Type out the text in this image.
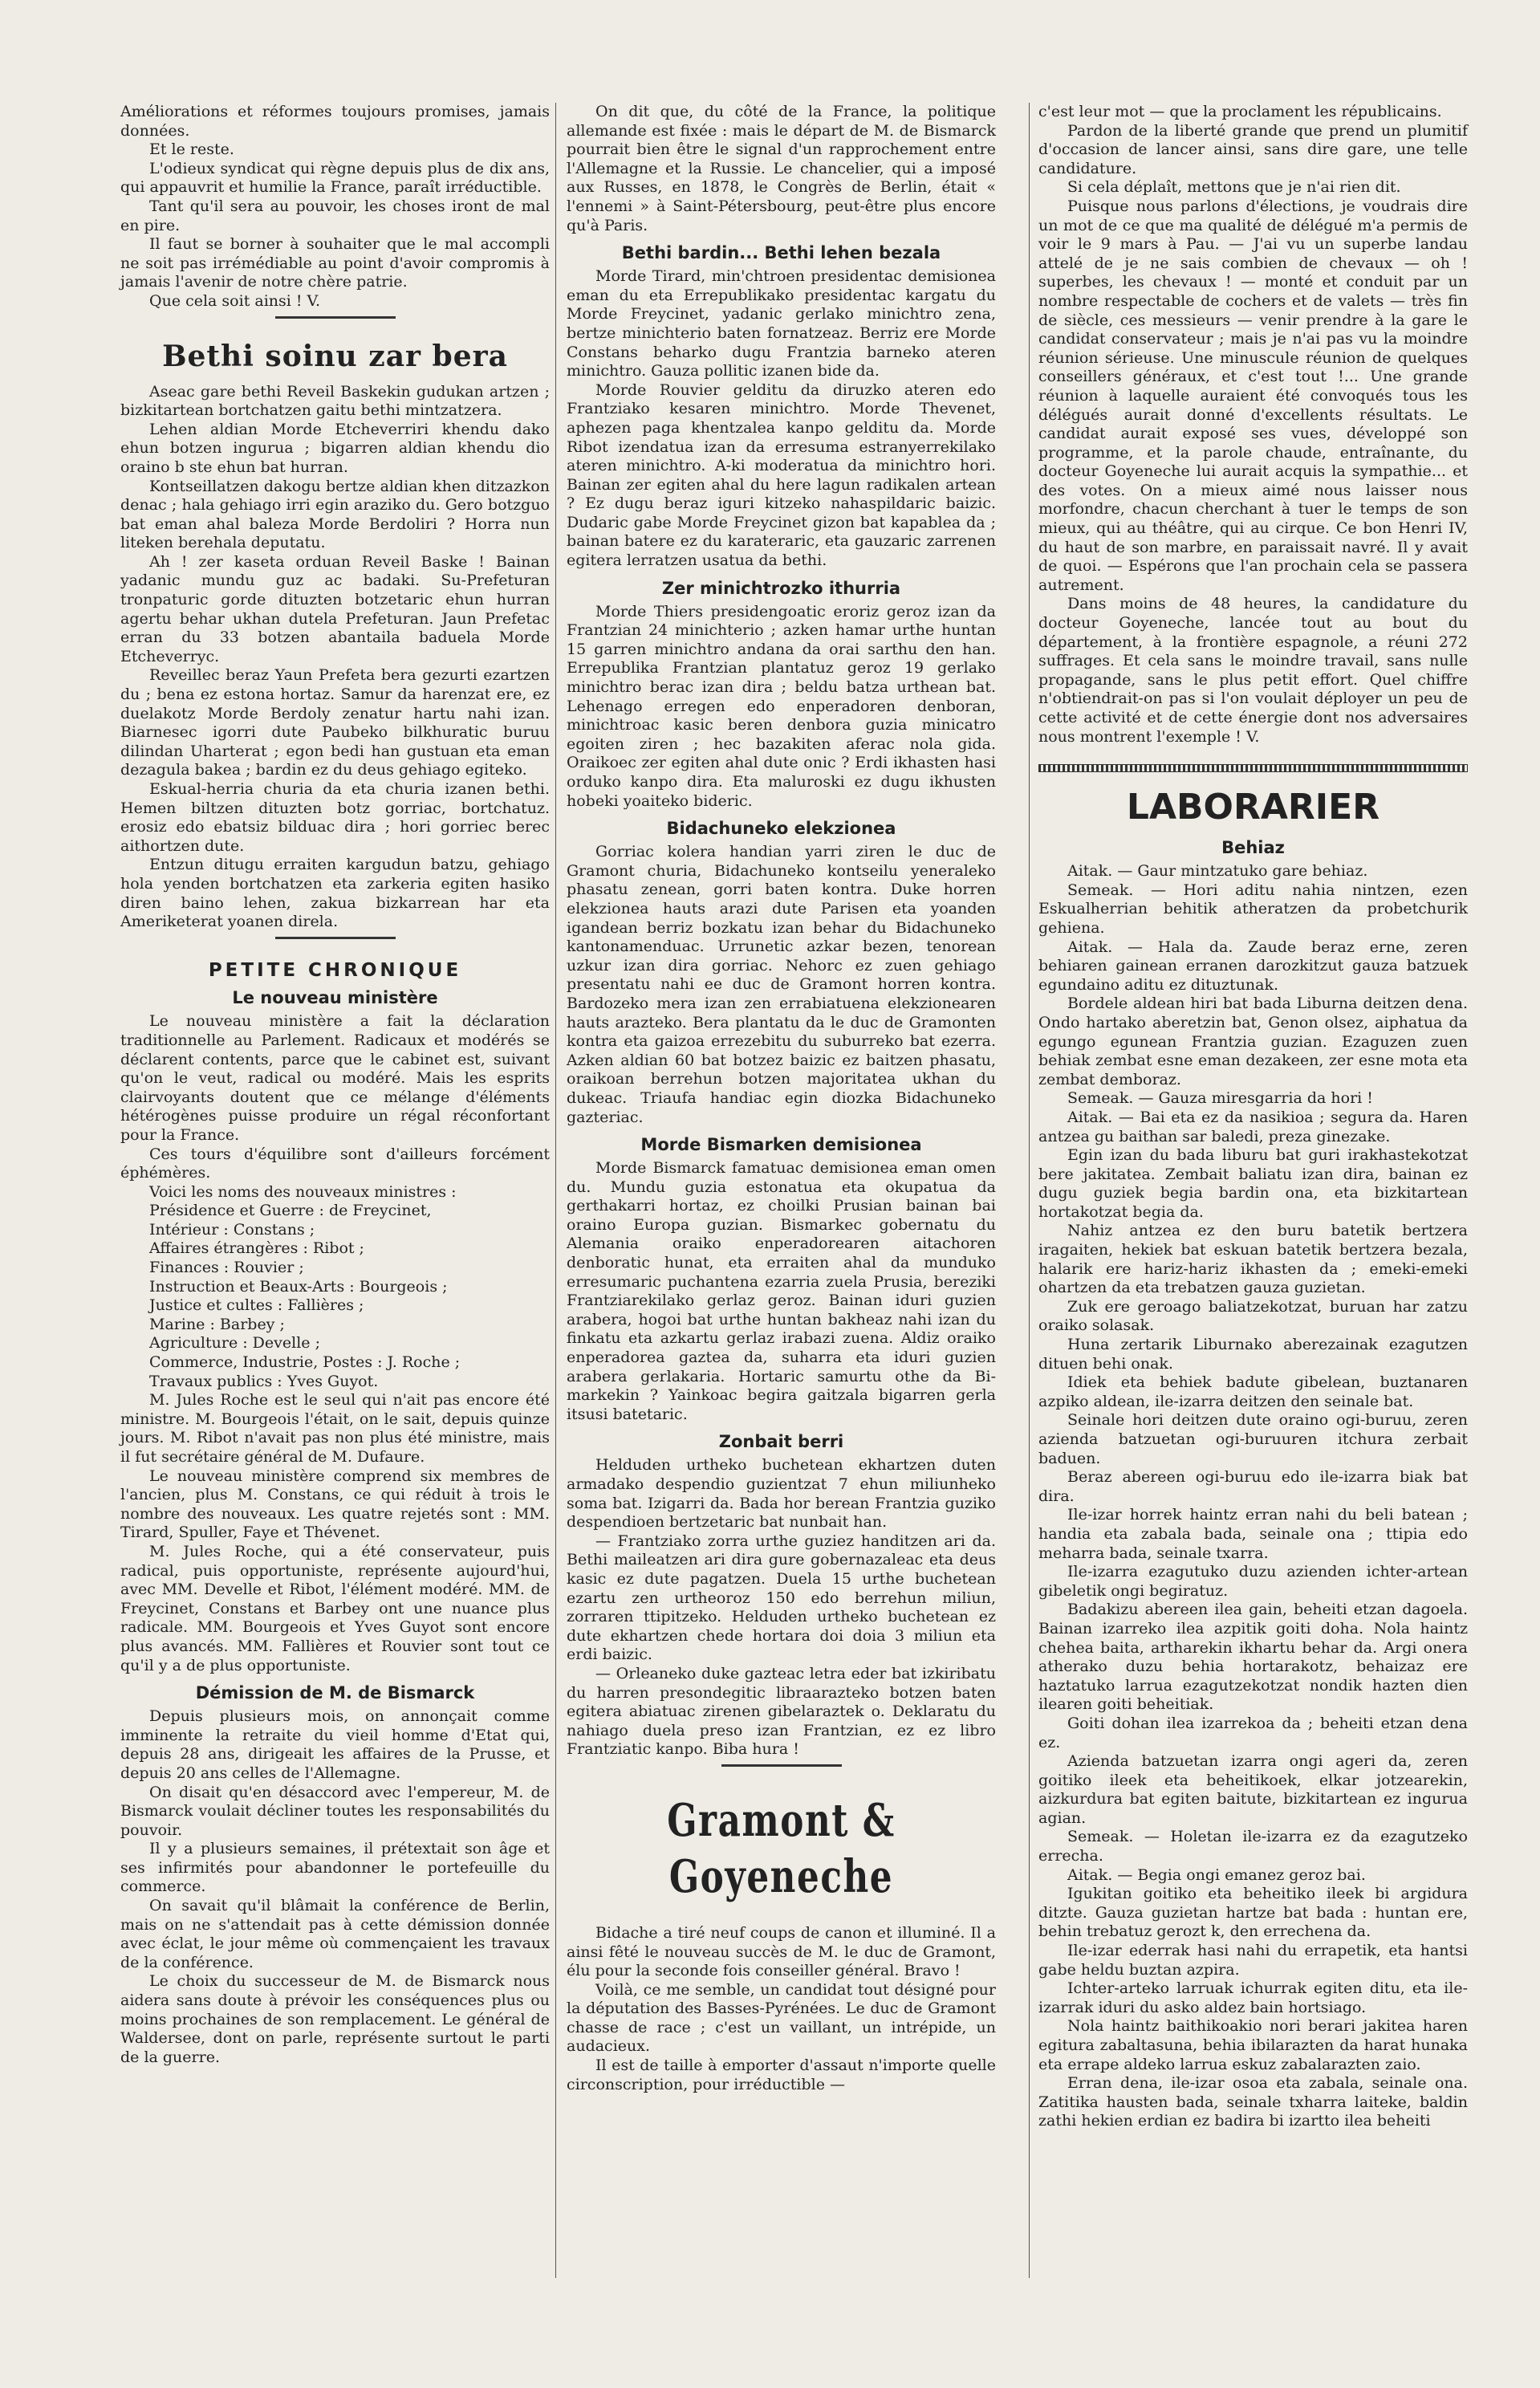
Améliorations et réformes toujours promises, jamais données.

Et le reste.

L'odieux syndicat qui règne depuis plus de dix ans, qui appauvrit et humilie la France, paraît irréductible.

Tant qu'il sera au pouvoir, les choses iront de mal en pire.

Il faut se borner à souhaiter que le mal accompli ne soit pas irrémédiable au point d'avoir compromis à jamais l'avenir de notre chère patrie.

Que cela soit ainsi ! V.

Bethi soinu zar bera

Aseac gare bethi Reveil Baskekin gudukan artzen ; bizkitartean bortchatzen gaitu bethi mintzatzera.

Lehen aldian Morde Etcheverriri khendu dako ehun botzen ingurua ; bigarren aldian khendu dio oraino b ste ehun bat hurran.

Kontseillatzen dakogu bertze aldian khen ditzazkon denac ; hala gehiago irri egin araziko du. Gero botzguo bat eman ahal baleza Morde Berdoliri ? Horra nun liteken berehala deputatu.

Ah ! zer kaseta orduan Reveil Baske ! Bainan yadanic mundu guz ac badaki. Su-Prefeturan tronpaturic gorde dituzten botzetaric ehun hurran agertu behar ukhan dutela Prefeturan. Jaun Prefetac erran du 33 botzen abantaila baduela Morde Etcheverryc.

Reveillec beraz Yaun Prefeta bera gezurti ezartzen du ; bena ez estona hortaz. Samur da harenzat ere, ez duelakotz Morde Berdoly zenatur hartu nahi izan. Biarnesec igorri dute Paubeko bilkhuratic buruu dilindan Uharterat ; egon bedi han gustuan eta eman dezagula bakea ; bardin ez du deus gehiago egiteko.

Eskual-herria churia da eta churia izanen bethi. Hemen biltzen dituzten botz gorriac, bortchatuz. erosiz edo ebatsiz bilduac dira ; hori gorriec berec aithortzen dute.

Entzun ditugu erraiten kargudun batzu, gehiago hola yenden bortchatzen eta zarkeria egiten hasiko diren baino lehen, zakua bizkarrean har eta Ameriketerat yoanen direla.

PETITE CHRONIQUE
Le nouveau ministère

Le nouveau ministère a fait la déclaration traditionnelle au Parlement. Radicaux et modérés se déclarent contents, parce que le cabinet est, suivant qu'on le veut, radical ou modéré. Mais les esprits clairvoyants doutent que ce mélange d'éléments hétérogènes puisse produire un régal réconfortant pour la France.

Ces tours d'équilibre sont d'ailleurs forcément éphémères.

Voici les noms des nouveaux ministres :

Présidence et Guerre : de Freycinet,

Intérieur : Constans ;

Affaires étrangères : Ribot ;

Finances : Rouvier ;

Instruction et Beaux-Arts : Bourgeois ;

Justice et cultes : Fallières ;

Marine : Barbey ;

Agriculture : Develle ;

Commerce, Industrie, Postes : J. Roche ;

Travaux publics : Yves Guyot.

M. Jules Roche est le seul qui n'ait pas encore été ministre. M. Bourgeois l'était, on le sait, depuis quinze jours. M. Ribot n'avait pas non plus été ministre, mais il fut secrétaire général de M. Dufaure.

Le nouveau ministère comprend six membres de l'ancien, plus M. Constans, ce qui réduit à trois le nombre des nouveaux. Les quatre rejetés sont : MM. Tirard, Spuller, Faye et Thévenet.

M. Jules Roche, qui a été conservateur, puis radical, puis opportuniste, représente aujourd'hui, avec MM. Develle et Ribot, l'élément modéré. MM. de Freycinet, Constans et Barbey ont une nuance plus radicale. MM. Bourgeois et Yves Guyot sont encore plus avancés. MM. Fallières et Rouvier sont tout ce qu'il y a de plus opportuniste.

Démission de M. de Bismarck

Depuis plusieurs mois, on annonçait comme imminente la retraite du vieil homme d'Etat qui, depuis 28 ans, dirigeait les affaires de la Prusse, et depuis 20 ans celles de l'Allemagne.

On disait qu'en désaccord avec l'empereur, M. de Bismarck voulait décliner toutes les responsabilités du pouvoir.

Il y a plusieurs semaines, il prétextait son âge et ses infirmités pour abandonner le portefeuille du commerce.

On savait qu'il blâmait la conférence de Berlin, mais on ne s'attendait pas à cette démission donnée avec éclat, le jour même où commençaient les travaux de la conférence.

Le choix du successeur de M. de Bismarck nous aidera sans doute à prévoir les conséquences plus ou moins prochaines de son remplacement. Le général de Waldersee, dont on parle, représente surtout le parti de la guerre.

On dit que, du côté de la France, la politique allemande est fixée : mais le départ de M. de Bismarck pourrait bien être le signal d'un rapprochement entre l'Allemagne et la Russie. Le chancelier, qui a imposé aux Russes, en 1878, le Congrès de Berlin, était « l'ennemi » à Saint-Pétersbourg, peut-être plus encore qu'à Paris.

Bethi bardin... Bethi lehen bezala

Morde Tirard, min'chtroen presidentac demisionea eman du eta Errepublikako presidentac kargatu du Morde Freycinet, yadanic gerlako minichtro zena, bertze minichterio baten fornatzeaz. Berriz ere Morde Constans beharko dugu Frantzia barneko ateren minichtro. Gauza pollitic izanen bide da.

Morde Rouvier gelditu da diruzko ateren edo Frantziako kesaren minichtro. Morde Thevenet, aphezen paga khentzalea kanpo gelditu da. Morde Ribot izendatua izan da erresuma estranyerrekilako ateren minichtro. A-ki moderatua da minichtro hori. Bainan zer egiten ahal du here lagun radikalen artean ? Ez dugu beraz iguri kitzeko nahaspildaric baizic. Dudaric gabe Morde Freycinet gizon bat kapablea da ; bainan batere ez du karateraric, eta gauzaric zarrenen egitera lerratzen usatua da bethi.

Zer minichtrozko ithurria

Morde Thiers presidengoatic eroriz geroz izan da Frantzian 24 minichterio ; azken hamar urthe huntan 15 garren minichtro andana da orai sarthu den han. Errepublika Frantzian plantatuz geroz 19 gerlako minichtro berac izan dira ; beldu batza urthean bat. Lehenago erregen edo enperadoren denboran, minichtroac kasic beren denbora guzia minicatro egoiten ziren ; hec bazakiten aferac nola gida. Oraikoec zer egiten ahal dute onic ? Erdi ikhasten hasi orduko kanpo dira. Eta maluroski ez dugu ikhusten hobeki yoaiteko bideric.

Bidachuneko elekzionea

Gorriac kolera handian yarri ziren le duc de Gramont churia, Bidachuneko kontseilu yeneraleko phasatu zenean, gorri baten kontra. Duke horren elekzionea hauts arazi dute Parisen eta yoanden igandean berriz bozkatu izan behar du Bidachuneko kantonamenduac. Urrunetic azkar bezen, tenorean uzkur izan dira gorriac. Nehorc ez zuen gehiago presentatu nahi ee duc de Gramont horren kontra. Bardozeko mera izan zen errabiatuena elekzionearen hauts arazteko. Bera plantatu da le duc de Gramonten kontra eta gaizoa errezebitu du suburreko bat ezerra. Azken aldian 60 bat botzez baizic ez baitzen phasatu, oraikoan berrehun botzen majoritatea ukhan du dukeac. Triaufa handiac egin diozka Bidachuneko gazteriac.

Morde Bismarken demisionea

Morde Bismarck famatuac demisionea eman omen du. Mundu guzia estonatua eta okupatua da gerthakarri hortaz, ez choilki Prusian bainan bai oraino Europa guzian. Bismarkec gobernatu du Alemania oraiko enperadorearen aitachoren denboratic hunat, eta erraiten ahal da munduko erresumaric puchantena ezarria zuela Prusia, bereziki Frantziarekilako gerlaz geroz. Bainan iduri guzien arabera, hogoi bat urthe huntan bakheaz nahi izan du finkatu eta azkartu gerlaz irabazi zuena. Aldiz oraiko enperadorea gaztea da, suharra eta iduri guzien arabera gerlakaria. Hortaric samurtu othe da Bi-markekin ? Yainkoac begira gaitzala bigarren gerla itsusi batetaric.

Zonbait berri

Helduden urtheko buchetean ekhartzen duten armadako despendio guzientzat 7 ehun miliunheko soma bat. Izigarri da. Bada hor berean Frantzia guziko despendioen bertzetaric bat nunbait han.

— Frantziako zorra urthe guziez handitzen ari da. Bethi maileatzen ari dira gure gobernazaleac eta deus kasic ez dute pagatzen. Duela 15 urthe buchetean ezartu zen urtheoroz 150 edo berrehun miliun, zorraren ttipitzeko. Helduden urtheko buchetean ez dute ekhartzen chede hortara doi doia 3 miliun eta erdi baizic.

— Orleaneko duke gazteac letra eder bat izkiribatu du harren presondegitic libraarazteko botzen baten egitera abiatuac zirenen gibelaraztek o. Deklaratu du nahiago duela preso izan Frantzian, ez ez libro Frantziatic kanpo. Biba hura !

Gramont & Goyeneche

Bidache a tiré neuf coups de canon et illuminé. Il a ainsi fêté le nouveau succès de M. le duc de Gramont, élu pour la seconde fois conseiller général. Bravo !

Voilà, ce me semble, un candidat tout désigné pour la députation des Basses-Pyrénées. Le duc de Gramont chasse de race ; c'est un vaillant, un intrépide, un audacieux.

Il est de taille à emporter d'assaut n'importe quelle circonscription, pour irréductible —

c'est leur mot — que la proclament les républicains.

Pardon de la liberté grande que prend un plumitif d'occasion de lancer ainsi, sans dire gare, une telle candidature.

Si cela déplaît, mettons que je n'ai rien dit.

Puisque nous parlons d'élections, je voudrais dire un mot de ce que ma qualité de délégué m'a permis de voir le 9 mars à Pau. — J'ai vu un superbe landau attelé de je ne sais combien de chevaux — oh ! superbes, les chevaux ! — monté et conduit par un nombre respectable de cochers et de valets — très fin de siècle, ces messieurs — venir prendre à la gare le candidat conservateur ; mais je n'ai pas vu la moindre réunion sérieuse. Une minuscule réunion de quelques conseillers généraux, et c'est tout !... Une grande réunion à laquelle auraient été convoqués tous les délégués aurait donné d'excellents résultats. Le candidat aurait exposé ses vues, développé son programme, et la parole chaude, entraînante, du docteur Goyeneche lui aurait acquis la sympathie... et des votes. On a mieux aimé nous laisser nous morfondre, chacun cherchant à tuer le temps de son mieux, qui au théâtre, qui au cirque. Ce bon Henri IV, du haut de son marbre, en paraissait navré. Il y avait de quoi. — Espérons que l'an prochain cela se passera autrement.

Dans moins de 48 heures, la candidature du docteur Goyeneche, lancée tout au bout du département, à la frontière espagnole, a réuni 272 suffrages. Et cela sans le moindre travail, sans nulle propagande, sans le plus petit effort. Quel chiffre n'obtiendrait-on pas si l'on voulait déployer un peu de cette activité et de cette énergie dont nos adversaires nous montrent l'exemple ! V.

LABORARIER
Behiaz

Aitak. — Gaur mintzatuko gare behiaz.

Semeak. — Hori aditu nahia nintzen, ezen Eskualherrian behitik atheratzen da probetchurik gehiena.

Aitak. — Hala da. Zaude beraz erne, zeren behiaren gainean erranen darozkitzut gauza batzuek egundaino aditu ez dituztunak.

Bordele aldean hiri bat bada Liburna deitzen dena. Ondo hartako aberetzin bat, Genon olsez, aiphatua da egungo egunean Frantzia guzian. Ezaguzen zuen behiak zembat esne eman dezakeen, zer esne mota eta zembat demboraz.

Semeak. — Gauza miresgarria da hori !

Aitak. — Bai eta ez da nasikioa ; segura da. Haren antzea gu baithan sar baledi, preza ginezake.

Egin izan du bada liburu bat guri irakhastekotzat bere jakitatea. Zembait baliatu izan dira, bainan ez dugu guziek begia bardin ona, eta bizkitartean hortakotzat begia da.

Nahiz antzea ez den buru batetik bertzera iragaiten, hekiek bat eskuan batetik bertzera bezala, halarik ere hariz-hariz ikhasten da ; emeki-emeki ohartzen da eta trebatzen gauza guzietan.

Zuk ere geroago baliatzekotzat, buruan har zatzu oraiko solasak.

Huna zertarik Liburnako aberezainak ezagutzen dituen behi onak.

Idiek eta behiek badute gibelean, buztanaren azpiko aldean, ile-izarra deitzen den seinale bat.

Seinale hori deitzen dute oraino ogi-buruu, zeren azienda batzuetan ogi-buruuren itchura zerbait baduen.

Beraz abereen ogi-buruu edo ile-izarra biak bat dira.

Ile-izar horrek haintz erran nahi du beli batean ; handia eta zabala bada, seinale ona ; ttipia edo meharra bada, seinale txarra.

Ile-izarra ezagutuko duzu azienden ichter-artean gibeletik ongi begiratuz.

Badakizu abereen ilea gain, beheiti etzan dagoela. Bainan izarreko ilea azpitik goiti doha. Nola haintz chehea baita, artharekin ikhartu behar da. Argi onera atherako duzu behia hortarakotz, behaizaz ere haztatuko larrua ezagutzekotzat nondik hazten dien ilearen goiti beheitiak.

Goiti dohan ilea izarrekoa da ; beheiti etzan dena ez.

Azienda batzuetan izarra ongi ageri da, zeren goitiko ileek eta beheitikoek, elkar jotzearekin, aizkurdura bat egiten baitute, bizkitartean ez ingurua agian.

Semeak. — Holetan ile-izarra ez da ezagutzeko errecha.

Aitak. — Begia ongi emanez geroz bai.

Igukitan goitiko eta beheitiko ileek bi argidura ditzte. Gauza guzietan hartze bat bada : huntan ere, behin trebatuz gerozt k, den errechena da.

Ile-izar ederrak hasi nahi du errapetik, eta hantsi gabe heldu buztan azpira.

Ichter-arteko larruak ichurrak egiten ditu, eta ile-izarrak iduri du asko aldez bain hortsiago.

Nola haintz baithikoakio nori berari jakitea haren egitura zabaltasuna, behia ibilarazten da harat hunaka eta errape aldeko larrua eskuz zabalarazten zaio.

Erran dena, ile-izar osoa eta zabala, seinale ona. Zatitika hausten bada, seinale txharra laiteke, baldin zathi hekien erdian ez badira bi izartto ilea beheiti
